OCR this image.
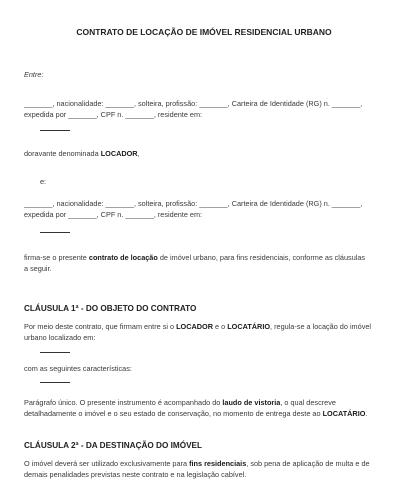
CONTRATO DE LOCAÇÃO DE IMÓVEL RESIDENCIAL URBANO
Entre:
_______, nacionalidade: _______, solteira, profissão: _______, Carteira de Identidade (RG) n. _______,
expedida por _______, CPF n. _______, residente em:
doravante denominada LOCADOR,
e:
_______, nacionalidade: _______, solteira, profissão: _______, Carteira de Identidade (RG) n. _______,
expedida por _______, CPF n. _______, residente em:
firma-se o presente contrato de locação de imóvel urbano, para fins residenciais, conforme as cláusulas
a seguir.
CLÁUSULA 1ª - DO OBJETO DO CONTRATO
Por meio deste contrato, que firmam entre si o LOCADOR e o LOCATÁRIO, regula-se a locação do imóvel
urbano localizado em:
com as seguintes características:
Parágrafo único. O presente instrumento é acompanhado do laudo de vistoria, o qual descreve
detalhadamente o imóvel e o seu estado de conservação, no momento de entrega deste ao LOCATÁRIO.
CLÁUSULA 2ª - DA DESTINAÇÃO DO IMÓVEL
O imóvel deverá ser utilizado exclusivamente para fins residenciais, sob pena de aplicação de multa e de
demais penalidades previstas neste contrato e na legislação cabível.
